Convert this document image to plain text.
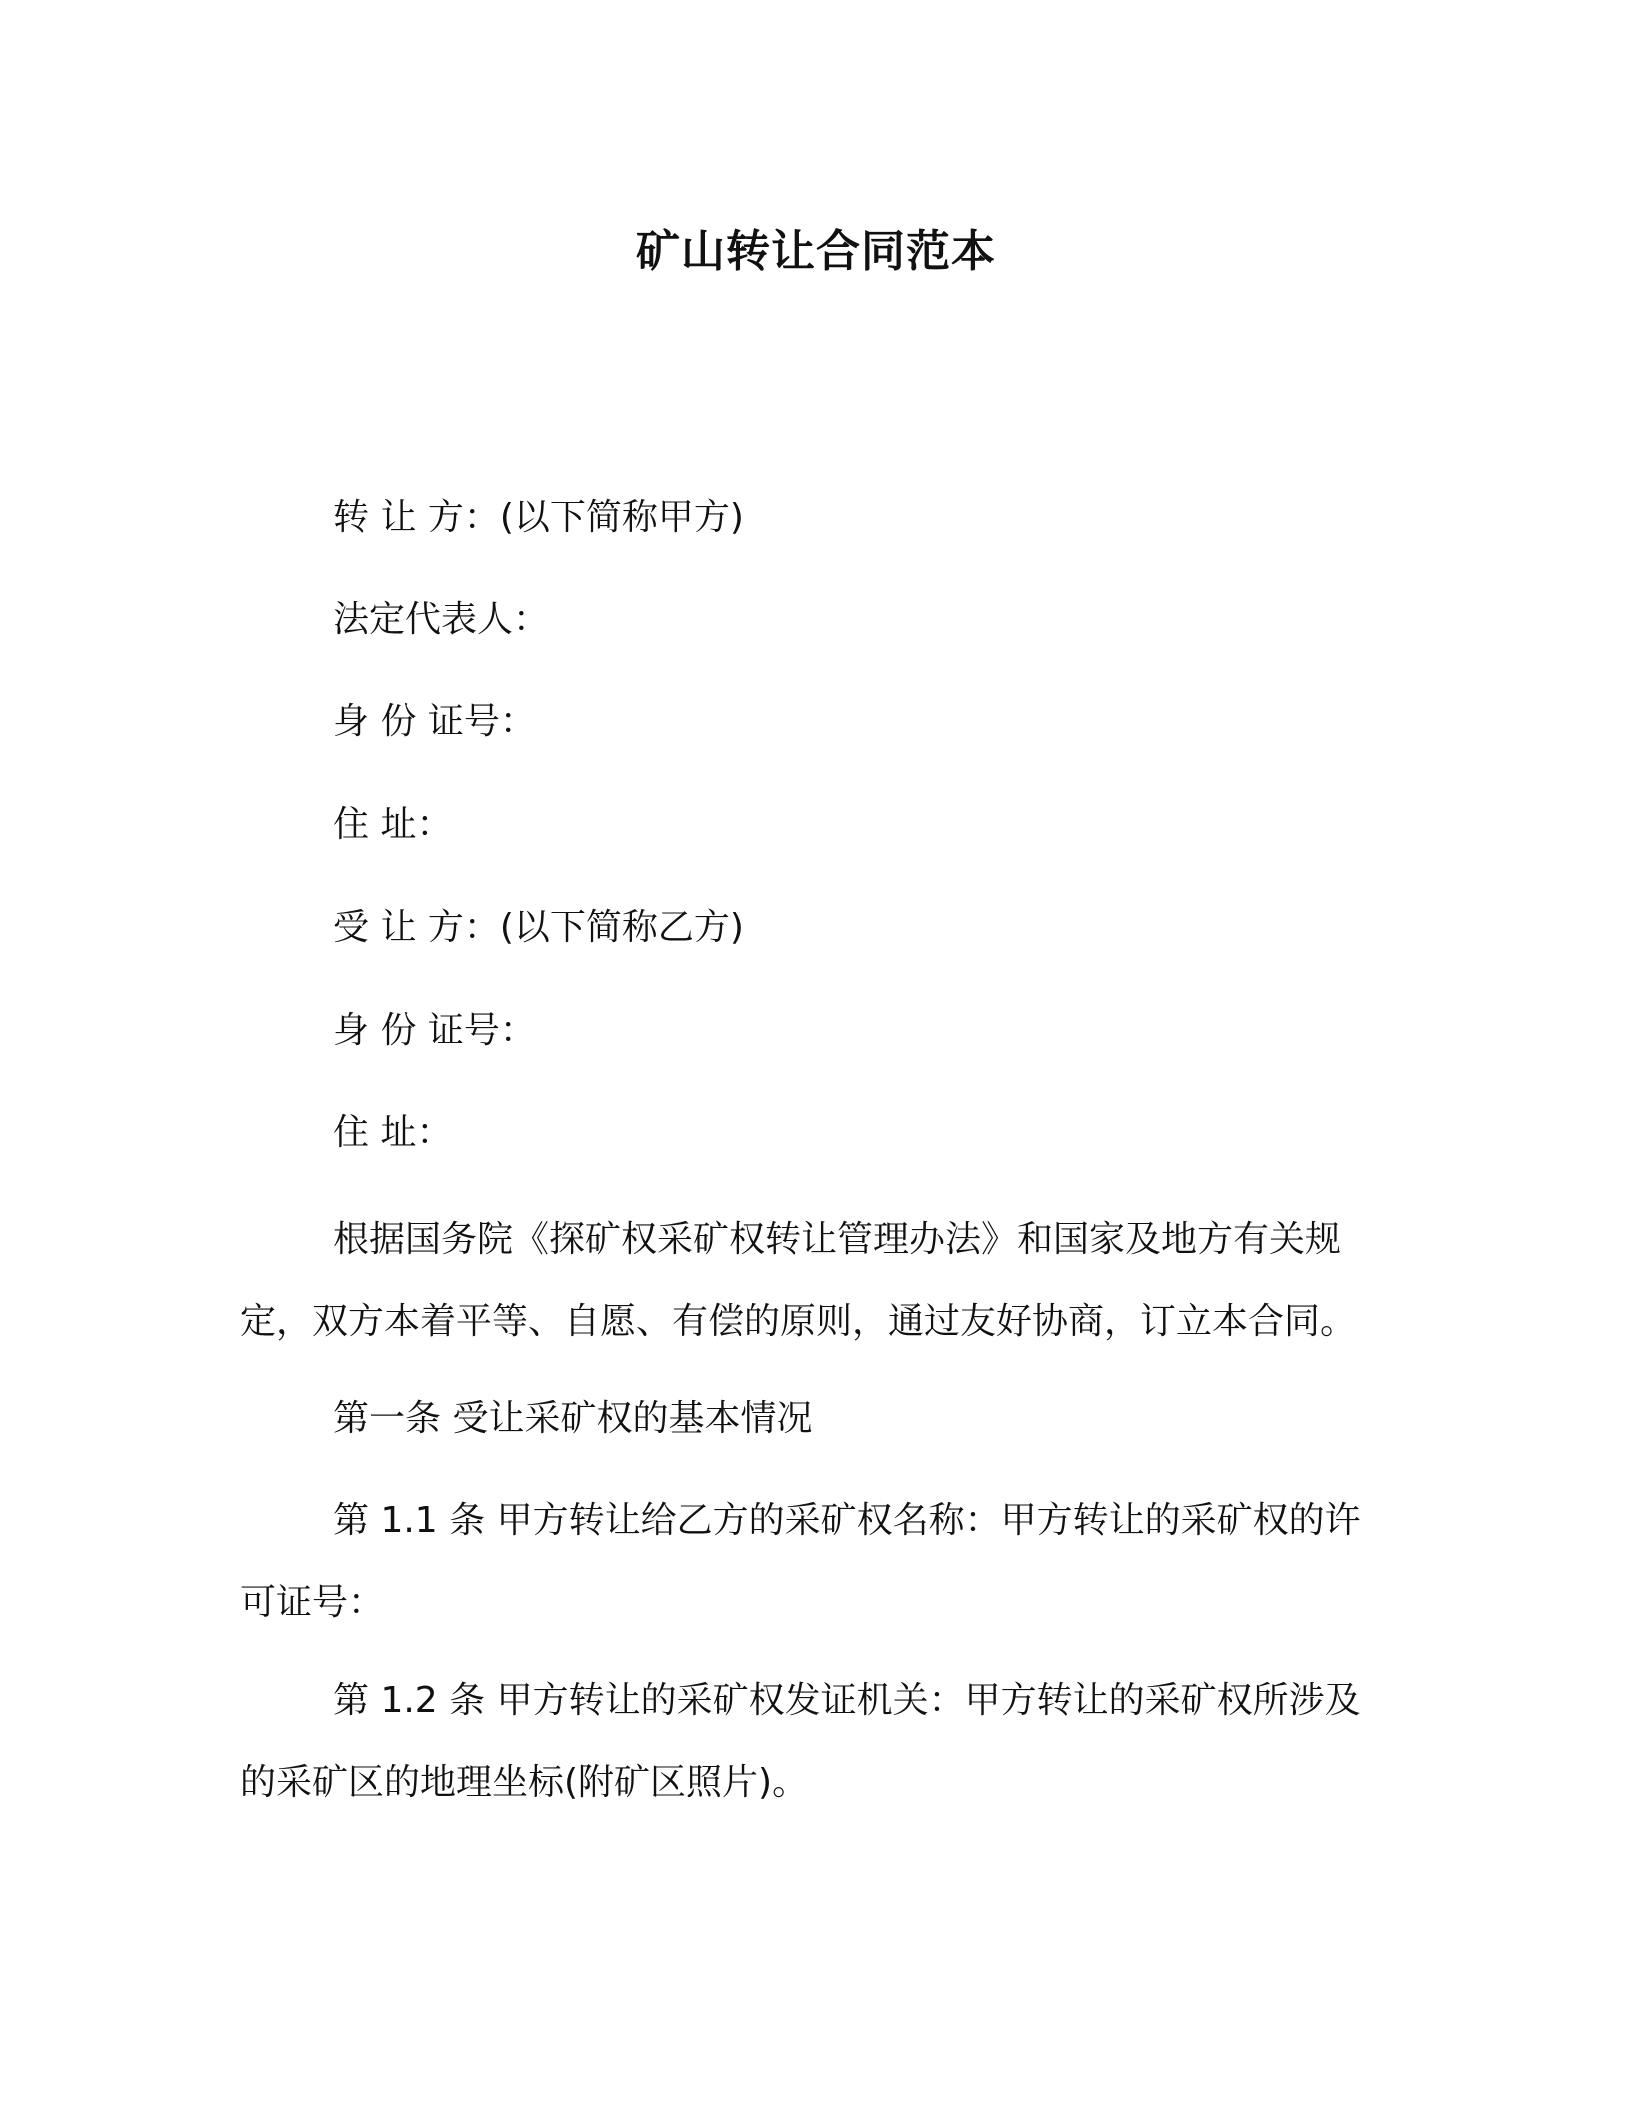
矿山转让合同范本
转 让 方：(以下简称甲方)
法定代表人：
身 份 证号：
住 址：
受 让 方：(以下简称乙方)
身 份 证号：
住 址：
根据国务院《探矿权采矿权转让管理办法》和国家及地方有关规
定，双方本着平等、自愿、有偿的原则，通过友好协商，订立本合同。
第一条 受让采矿权的基本情况
第 1.1 条 甲方转让给乙方的采矿权名称：甲方转让的采矿权的许
可证号：
第 1.2 条 甲方转让的采矿权发证机关：甲方转让的采矿权所涉及
的采矿区的地理坐标(附矿区照片)。
